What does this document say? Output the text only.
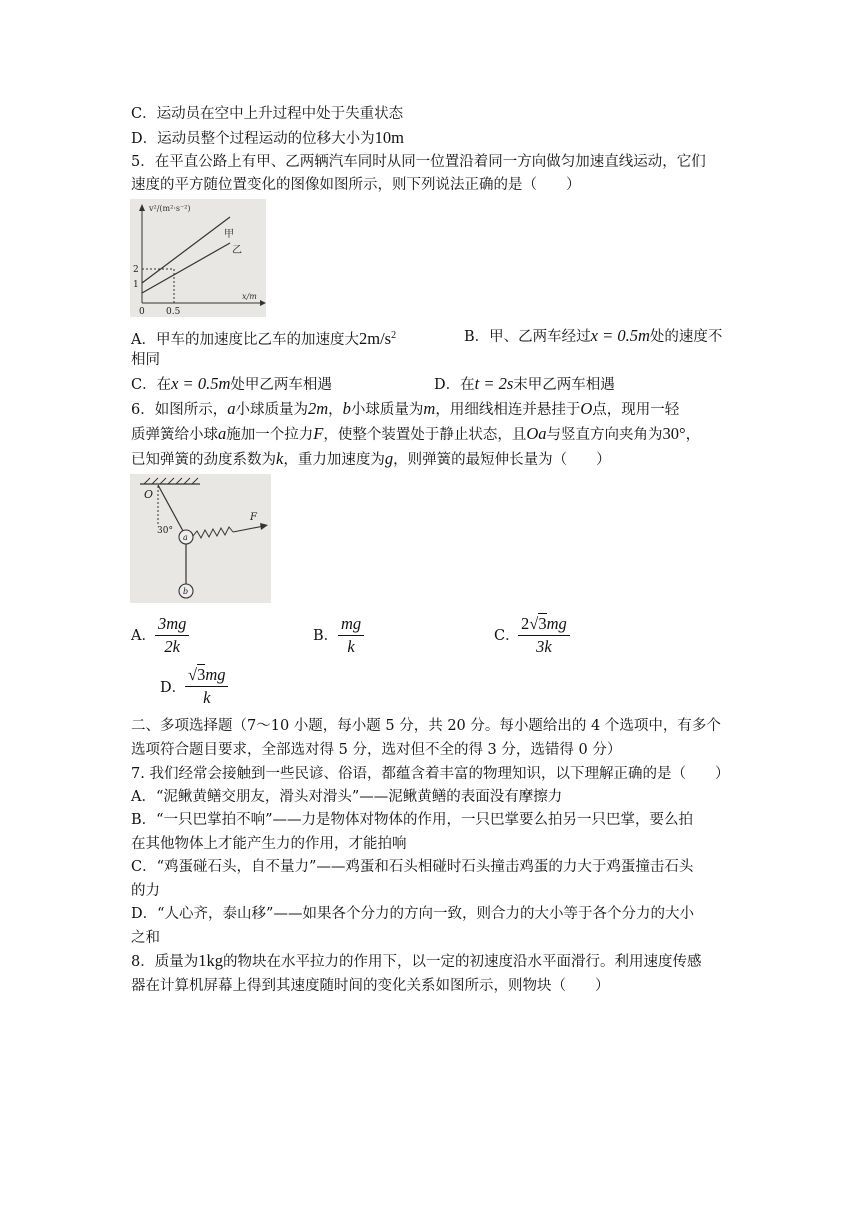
C．运动员在空中上升过程中处于失重状态
D．运动员整个过程运动的位移大小为10m
5．在平直公路上有甲、乙两辆汽车同时从同一位置沿着同一方向做匀加速直线运动，它们
速度的平方随位置变化的图像如图所示，则下列说法正确的是（　　）
v²/(m²·s⁻²)
x/m
甲
乙
2
1
0 0.5
A．甲车的加速度比乙车的加速度大$2m/s^2$	B．甲、乙两车经过x = 0.5m处的速度不
相同
C．在x = 0.5m处甲乙两车相遇	D．在t = 2s末甲乙两车相遇
6．如图所示，a小球质量为2m，b小球质量为m，用细线相连并悬挂于O点，现用一轻
质弹簧给小球a施加一个拉力F，使整个装置处于静止状态，且Oa与竖直方向夹角为30°，
已知弹簧的劲度系数为k，重力加速度为g，则弹簧的最短伸长量为（　　）
O
30°
a
b
F
A． $\frac{3mg}{2k}$	B． $\frac{mg}{k}$	C．
$\frac{2√3mg}{3k}$
D．
$\frac{√3mg}{k}$
二、多项选择题（7～10 小题，每小题 5 分，共 20 分。每小题给出的 4 个选项中，有多个
选项符合题目要求，全部选对得 5 分，选对但不全的得 3 分，选错得 0 分）
7. 我们经常会接触到一些民谚、俗语，都蕴含着丰富的物理知识，以下理解正确的是（　　）
A．“泥鳅黄鳝交朋友，滑头对滑头”——泥鳅黄鳝的表面没有摩擦力
B．“一只巴掌拍不响”——力是物体对物体的作用，一只巴掌要么拍另一只巴掌，要么拍
在其他物体上才能产生力的作用，才能拍响
C．“鸡蛋碰石头，自不量力”——鸡蛋和石头相碰时石头撞击鸡蛋的力大于鸡蛋撞击石头
的力
D．“人心齐，泰山移”——如果各个分力的方向一致，则合力的大小等于各个分力的大小
之和
8．质量为1kg的物块在水平拉力的作用下，以一定的初速度沿水平面滑行。利用速度传感
器在计算机屏幕上得到其速度随时间的变化关系如图所示，则物块（　　）
